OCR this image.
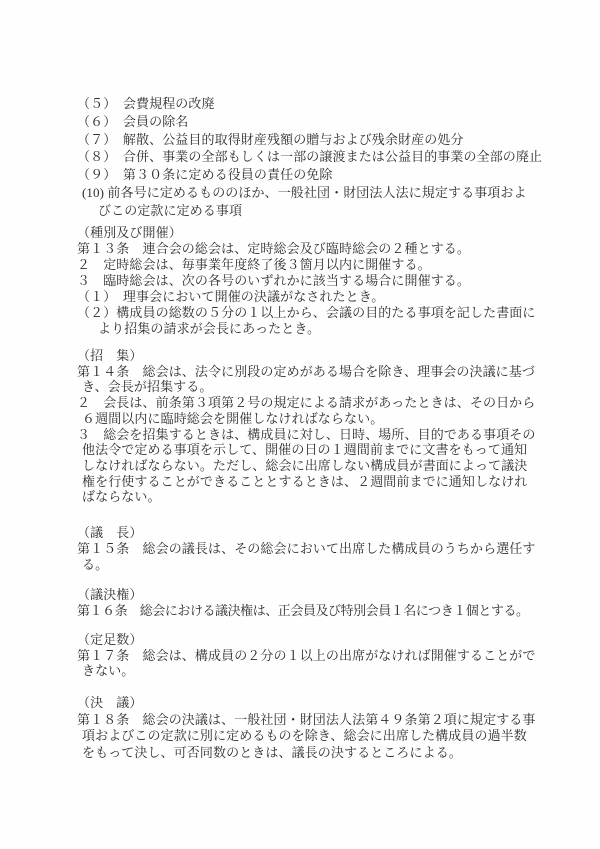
（５）　会費規程の改廃
（６）　会員の除名
（７）　解散、公益目的取得財産残額の贈与および残余財産の処分
（８）　合併、事業の全部もしくは一部の譲渡または公益目的事業の全部の廃止
（９）　第３０条に定める役員の責任の免除
(10) 前各号に定めるもののほか、一般社団・財団法人法に規定する事項およ
びこの定款に定める事項
（種別及び開催）
第１３条　連合会の総会は、定時総会及び臨時総会の２種とする。
２　定時総会は、毎事業年度終了後３箇月以内に開催する。
３　臨時総会は、次の各号のいずれかに該当する場合に開催する。
（１）　理事会において開催の決議がなされたとき。
（２）構成員の総数の５分の１以上から、会議の目的たる事項を記した書面に
より招集の請求が会長にあったとき。
（招　集）
第１４条　総会は、法令に別段の定めがある場合を除き、理事会の決議に基づ
き、会長が招集する。
２　会長は、前条第３項第２号の規定による請求があったときは、その日から
６週間以内に臨時総会を開催しなければならない。
３　総会を招集するときは、構成員に対し、日時、場所、目的である事項その
他法令で定める事項を示して、開催の日の１週間前までに文書をもって通知
しなければならない。ただし、総会に出席しない構成員が書面によって議決
権を行使することができることとするときは、２週間前までに通知しなけれ
ばならない。
（議　長）
第１５条　総会の議長は、その総会において出席した構成員のうちから選任す
る。
（議決権）
第１６条　総会における議決権は、正会員及び特別会員１名につき１個とする。
（定足数）
第１７条　総会は、構成員の２分の１以上の出席がなければ開催することがで
きない。
（決　議）
第１８条　総会の決議は、一般社団・財団法人法第４９条第２項に規定する事
項およびこの定款に別に定めるものを除き、総会に出席した構成員の過半数
をもって決し、可否同数のときは、議長の決するところによる。
